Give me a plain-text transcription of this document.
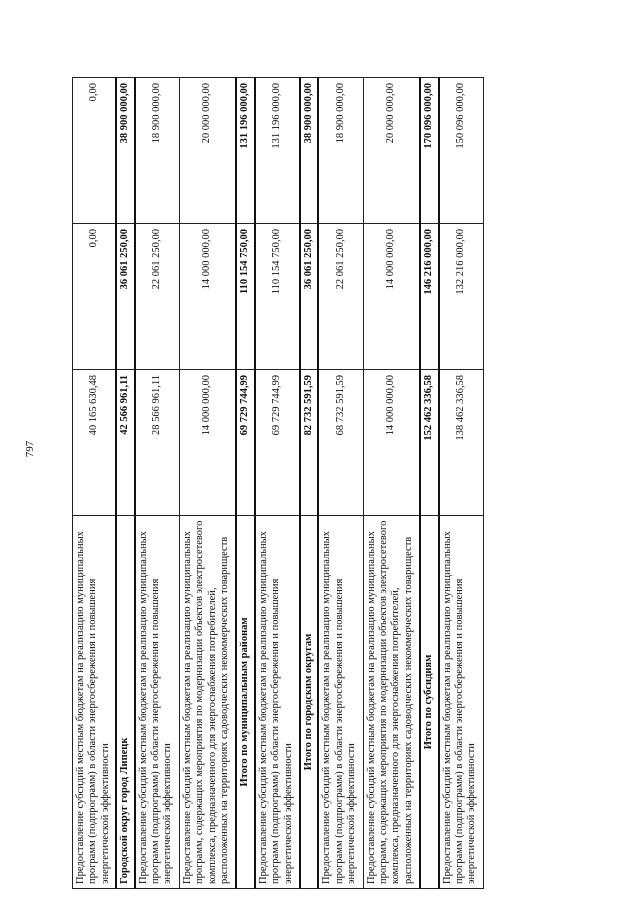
797
Предоставление субсидий местным бюджетам на реализацию муниципальных программ (подпрограмм) в области энергосбережения и повышения энергетической эффективности	40 165 630,48	0,00	0,00
Городской округ город Липецк	42 566 961,11	36 061 250,00	38 900 000,00
Предоставление субсидий местным бюджетам на реализацию муниципальных программ (подпрограмм) в области энергосбережения и повышения энергетической эффективности	28 566 961,11	22 061 250,00	18 900 000,00
Предоставление субсидий местным бюджетам на реализацию муниципальных программ, содержащих мероприятия по модернизации объектов электросетевого комплекса, предназначенного для энергоснабжения потребителей, расположенных на территориях садоводческих некоммерческих товариществ	14 000 000,00	14 000 000,00	20 000 000,00
Итого по муниципальным районам	69 729 744,99	110 154 750,00	131 196 000,00
Предоставление субсидий местным бюджетам на реализацию муниципальных программ (подпрограмм) в области энергосбережения и повышения энергетической эффективности	69 729 744,99	110 154 750,00	131 196 000,00
Итого по городским округам	82 732 591,59	36 061 250,00	38 900 000,00
Предоставление субсидий местным бюджетам на реализацию муниципальных программ (подпрограмм) в области энергосбережения и повышения энергетической эффективности	68 732 591,59	22 061 250,00	18 900 000,00
Предоставление субсидий местным бюджетам на реализацию муниципальных программ, содержащих мероприятия по модернизации объектов электросетевого комплекса, предназначенного для энергоснабжения потребителей, расположенных на территориях садоводческих некоммерческих товариществ	14 000 000,00	14 000 000,00	20 000 000,00
Итого по субсидиям	152 462 336,58	146 216 000,00	170 096 000,00
Предоставление субсидий местным бюджетам на реализацию муниципальных программ (подпрограмм) в области энергосбережения и повышения энергетической эффективности	138 462 336,58	132 216 000,00	150 096 000,00
